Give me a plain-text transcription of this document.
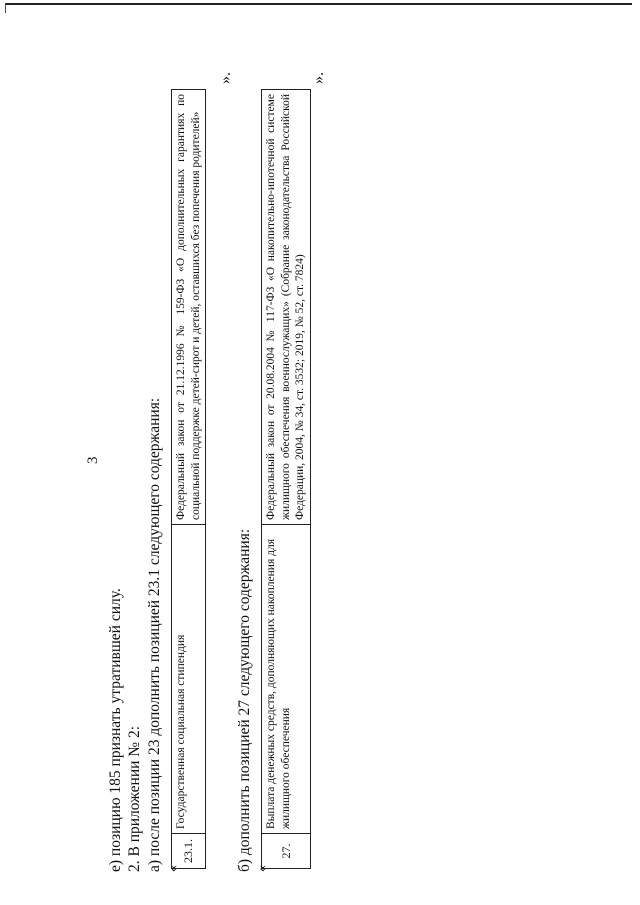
3
е) позицию 185 признать утратившей силу. 2. В приложении № 2: а) после позиции 23 дополнить позицией 23.1 следующего содержания: «
23.1.	Государственная социальная стипендия	Федеральный закон от 21.12.1996 № 159-ФЗ «О дополнительных гарантиях по социальной поддержке детей-сирот и детей, оставшихся без попечения родителей»
».
б) дополнить позицией 27 следующего содержания: «
27.	Выплата денежных средств, дополняющих накопления для жилищного обеспечения	Федеральный закон от 20.08.2004 № 117-ФЗ «О накопительно-ипотечной системе жилищного обеспечения военнослужащих» (Собрание законодательства Российской Федерации, 2004, № 34, ст. 3532; 2019, № 52, ст. 7824)
».
